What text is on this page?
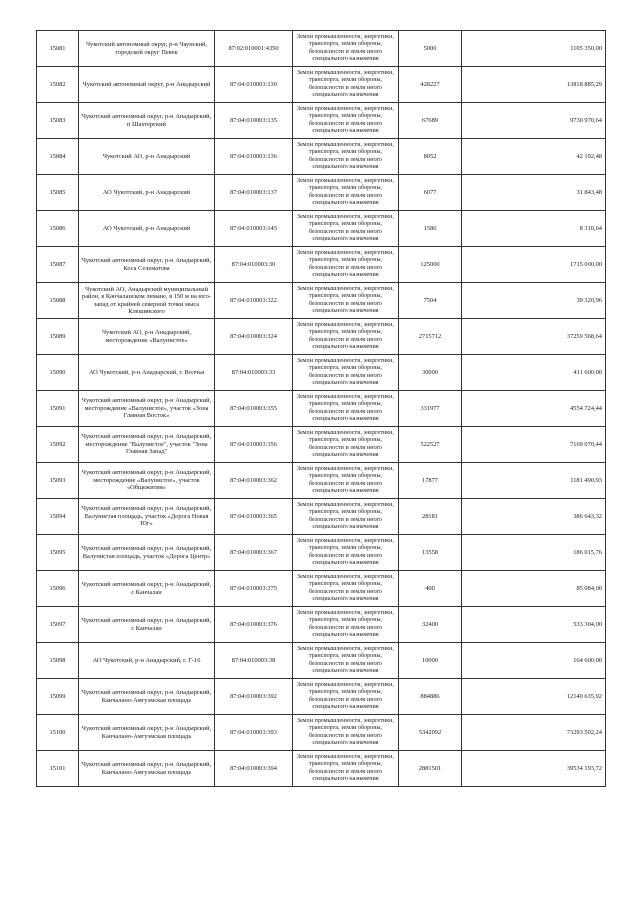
15081	Чукотский автономный округ, р-н Чаунский, городской округ Певек	87:02:010001:4350	Земли промышленности, энергетики, транспорта, земли обороны, безопасности и земли иного специального назначения	5000	1105 350,00
15082	Чукотский автономный округ, р-н Анадырский	87:04:010003:130	Земли промышленности, энергетики, транспорта, земли обороны, безопасности и земли иного специального назначения	428227	13818 885,29
15083	Чукотский автономный округ, р-н Анадырский, п Шахтерский	87:04:010003:135	Земли промышленности, энергетики, транспорта, земли обороны, безопасности и земли иного специального назначения	67689	9730 970,64
15084	Чукотский АО, р-н Анадырский	87:04:010003:136	Земли промышленности, энергетики, транспорта, земли обороны, безопасности и земли иного специального назначения	8052	42 192,48
15085	АО Чукотский, р-н Анадырский	87:04:010003:137	Земли промышленности, энергетики, транспорта, земли обороны, безопасности и земли иного специального назначения	6077	31 843,48
15086	АО Чукотский, р-н Анадырский	87:04:010003:145	Земли промышленности, энергетики, транспорта, земли обороны, безопасности и земли иного специального назначения	1586	8 310,64
15087	Чукотский автономный округ, р-н Анадырский, Коса Селематова	87:04:010003:30	Земли промышленности, энергетики, транспорта, земли обороны, безопасности и земли иного специального назначения	125000	1715 000,00
15088	Чукотский АО, Анадырский муниципальный район, в Канчаланском лимане, в 150 м на юго-запад от крайней северной точки мыса Клешинского	87:04:010003:322	Земли промышленности, энергетики, транспорта, земли обороны, безопасности и земли иного специального назначения	7504	39 320,96
15089	Чукотский АО, р-н Анадырский, месторождение «Валунистое»	87:04:010003:324	Земли промышленности, энергетики, транспорта, земли обороны, безопасности и земли иного специального назначения	2715712	37259 568,64
15090	АО Чукотский, р-н Анадырский, г. Волчья	87:04:010003:33	Земли промышленности, энергетики, транспорта, земли обороны, безопасности и земли иного специального назначения	30000	411 600,00
15091	Чукотский автономный округ, р-н Анадырский, месторождение «Валунистое», участок «Зона Главная Восток»	87:04:010003:355	Земли промышленности, энергетики, транспорта, земли обороны, безопасности и земли иного специального назначения	331977	4554 724,44
15092	Чукотский автономный округ, р-н Анадырский, месторождение "Валунистое", участок "Зона Главная Запад"	87:04:010003:356	Земли промышленности, энергетики, транспорта, земли обороны, безопасности и земли иного специального назначения	522527	7169 070,44
15093	Чукотский автономный округ, р-н Анадырский, месторождение «Валунистое», участок «Общежития»	87:04:010003:362	Земли промышленности, энергетики, транспорта, земли обороны, безопасности и земли иного специального назначения	17877	1181 490,93
15094	Чукотский автономный округ, р-н Анадырский, Валунистая площадь, участок «Дорога Новая Юг»	87:04:010003:365	Земли промышленности, энергетики, транспорта, земли обороны, безопасности и земли иного специального назначения	28181	386 643,32
15095	Чукотский автономный округ, р-н Анадырский, Валунистая площадь, участок «Дорога Центр»	87:04:010003:367	Земли промышленности, энергетики, транспорта, земли обороны, безопасности и земли иного специального назначения	13558	186 015,76
15096	Чукотский автономный округ, р-н Анадырский, с Канчалан	87:04:010003:375	Земли промышленности, энергетики, транспорта, земли обороны, безопасности и земли иного специального назначения	400	85 084,00
15097	Чукотский автономный округ, р-н Анадырский, с Канчалан	87:04:010003:376	Земли промышленности, энергетики, транспорта, земли обороны, безопасности и земли иного специального назначения	32400	533 304,00
15098	АО Чукотский, р-н Анадырский, г. Г-16	87:04:010003:38	Земли промышленности, энергетики, транспорта, земли обороны, безопасности и земли иного специального назначения	10000	164 600,00
15099	Чукотский автономный округ, р-н Анадырский, Канчалано-Амгуэмская площадь	87:04:010003:392	Земли промышленности, энергетики, транспорта, земли обороны, безопасности и земли иного специального назначения	884886	12140 635,92
15100	Чукотский автономный округ, р-н Анадырский, Канчалано-Амгуэмская площадь	87:04:010003:393	Земли промышленности, энергетики, транспорта, земли обороны, безопасности и земли иного специального назначения	5342092	73293 502,24
15101	Чукотский автономный округ, р-н Анадырский, Канчалано-Амгуэмская площадь	87:04:010003:394	Земли промышленности, энергетики, транспорта, земли обороны, безопасности и земли иного специального назначения	2881501	39534 193,72
